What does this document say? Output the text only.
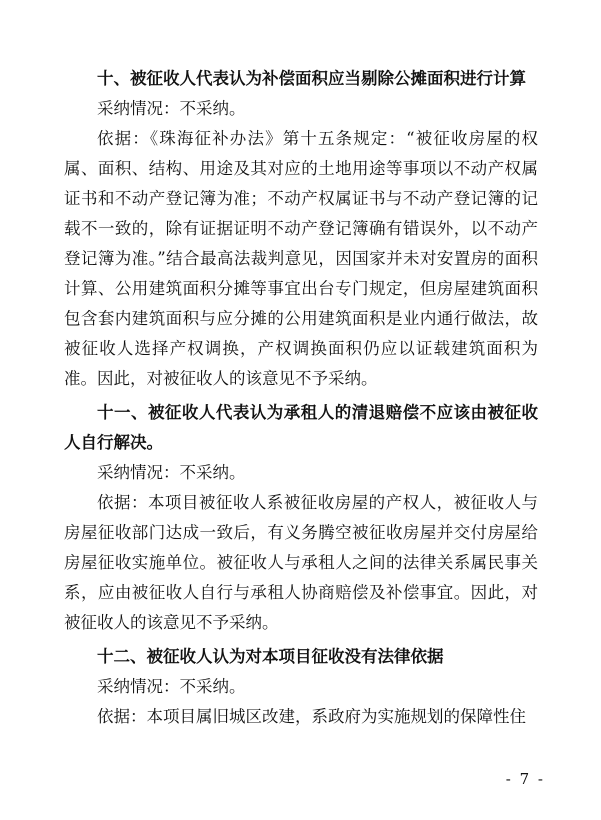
十、被征收人代表认为补偿面积应当剔除公摊面积进行计算

采纳情况：不采纳。

依据：《珠海征补办法》第十五条规定：“被征收房屋的权属、面积、结构、用途及其对应的土地用途等事项以不动产权属证书和不动产登记簿为准；不动产权属证书与不动产登记簿的记载不一致的，除有证据证明不动产登记簿确有错误外，以不动产登记簿为准。”结合最高法裁判意见，因国家并未对安置房的面积计算、公用建筑面积分摊等事宜出台专门规定，但房屋建筑面积包含套内建筑面积与应分摊的公用建筑面积是业内通行做法，故被征收人选择产权调换，产权调换面积仍应以证载建筑面积为准。因此，对被征收人的该意见不予采纳。

十一、被征收人代表认为承租人的清退赔偿不应该由被征收人自行解决。

采纳情况：不采纳。

依据：本项目被征收人系被征收房屋的产权人，被征收人与房屋征收部门达成一致后，有义务腾空被征收房屋并交付房屋给房屋征收实施单位。被征收人与承租人之间的法律关系属民事关系，应由被征收人自行与承租人协商赔偿及补偿事宜。因此，对被征收人的该意见不予采纳。

十二、被征收人认为对本项目征收没有法律依据

采纳情况：不采纳。

依据：本项目属旧城区改建，系政府为实施规划的保障性住

- 7 -
